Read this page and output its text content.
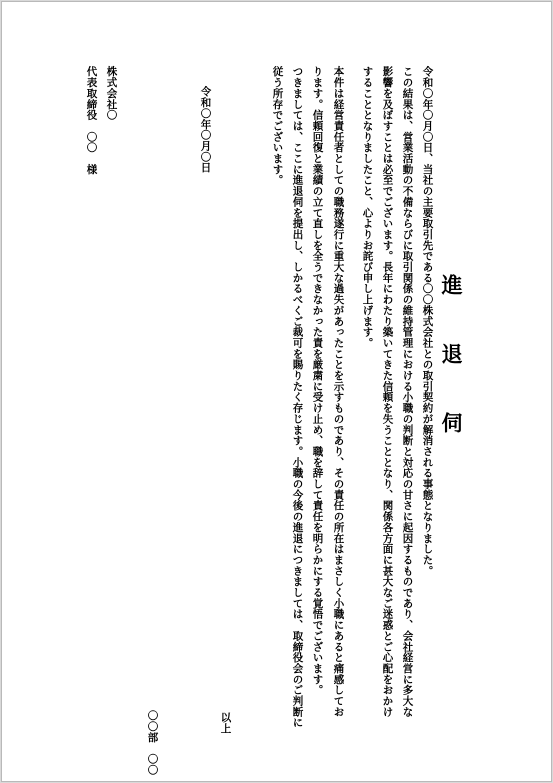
進 退 伺
令和〇年〇月〇日、当社の主要取引先である〇〇株式会社との取引契約が解消される事態となりました。
この結果は、営業活動の不備ならびに取引関係の維持管理における小職の判断と対応の甘さに起因するものであり、会社経営に多大な
影響を及ぼすことは必至でございます。長年にわたり築いてきた信頼を失うこととなり、関係各方面に甚大なご迷惑とご心配をおかけ
することとなりましたこと、心よりお詫び申し上げます。
本件は経営責任者としての職務遂行に重大な過失があったことを示すものであり、その責任の所在はまさしく小職にあると痛感してお
ります。信頼回復と業績の立て直しを全うできなかった責を厳粛に受け止め、職を辞して責任を明らかにする覚悟でございます。
つきましては、ここに進退伺を提出し、しかるべくご裁可を賜りたく存じます。小職の今後の進退につきましては、取締役会のご判断に
従う所存でございます。
以上
〇〇部　〇〇
令和〇年〇月〇日
株式会社〇
代表取締役　〇〇　様
